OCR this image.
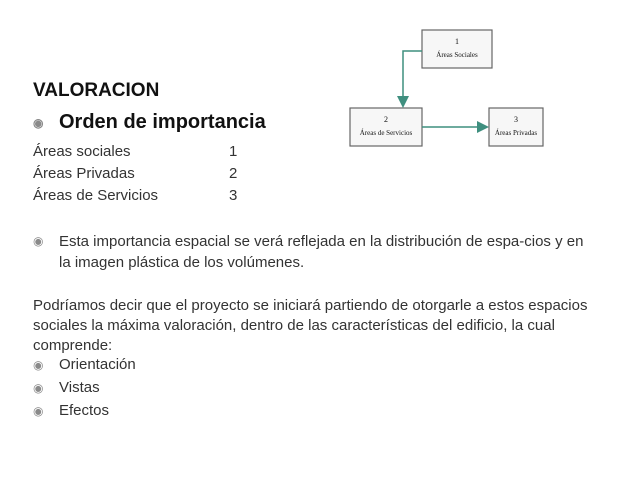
VALORACION
◉ Orden de importancia
Áreas sociales	1
Áreas Privadas	2
Áreas de Servicios	3
◉	Esta importancia espacial se verá reflejada en la distribución de espa-cios y en la imagen plástica de los volúmenes.
Podríamos decir que el proyecto se iniciará partiendo de otorgarle a estos espacios sociales la máxima valoración, dentro de las características del edificio, la cual comprende:
◉	Orientación
◉	Vistas
◉	Efectos
1
Áreas Sociales
2
Áreas de Servicios
3
Áreas Privadas
